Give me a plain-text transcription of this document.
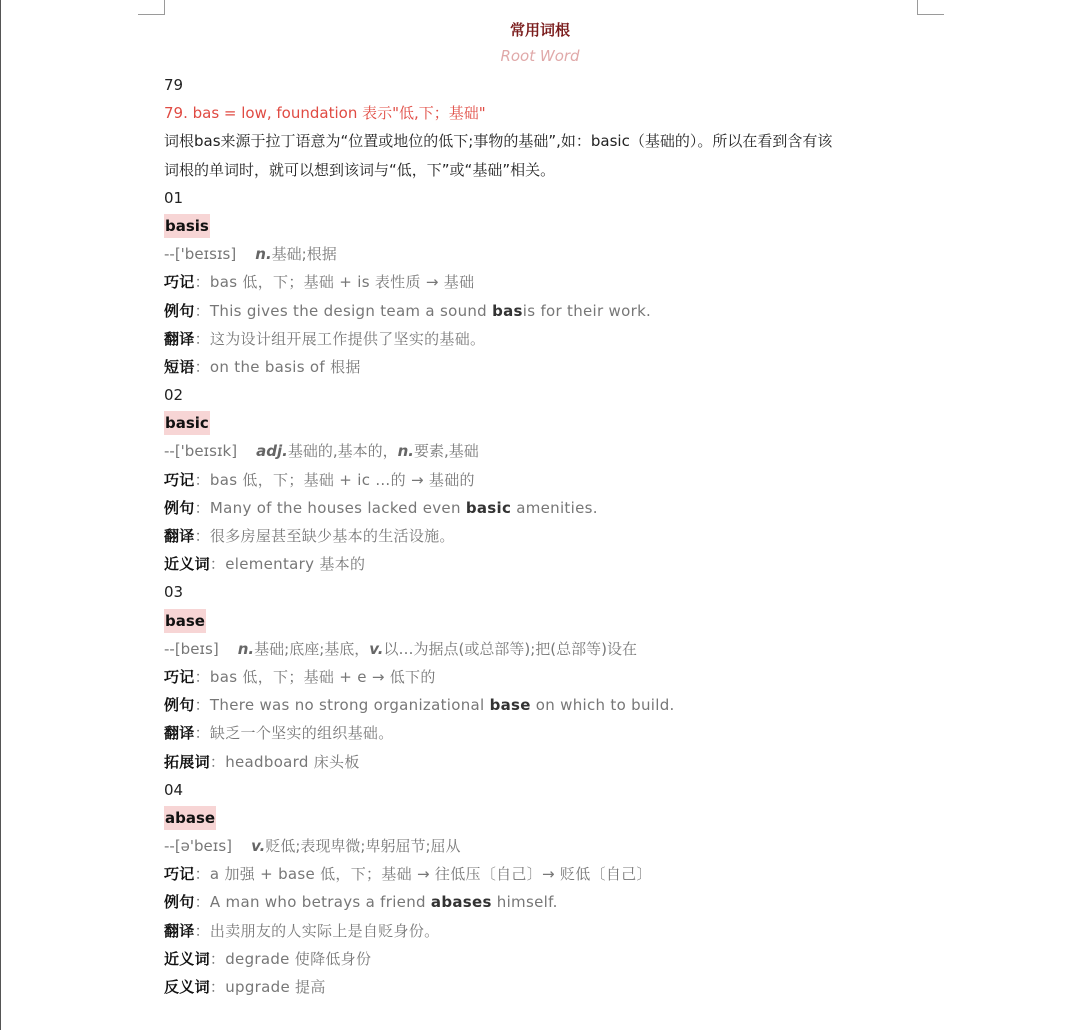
常用词根
Root Word
79
79. bas = low, foundation 表示"低,下；基础"
词根bas来源于拉丁语意为“位置或地位的低下;事物的基础”,如：basic（基础的）。所以在看到含有该
词根的单词时，就可以想到该词与“低，下”或“基础”相关。
01
basis
--['beɪsɪs] n.基础;根据
巧记：bas 低，下；基础 + is 表性质 → 基础
例句：This gives the design team a sound basis for their work.
翻译：这为设计组开展工作提供了坚实的基础。
短语：on the basis of 根据
02
basic
--['beɪsɪk] adj.基础的,基本的，n.要素,基础
巧记：bas 低，下；基础 + ic …的 → 基础的
例句：Many of the houses lacked even basic amenities.
翻译：很多房屋甚至缺少基本的生活设施。
近义词：elementary 基本的
03
base
--[beɪs] n.基础;底座;基底，v.以…为据点(或总部等);把(总部等)设在
巧记：bas 低，下；基础 + e → 低下的
例句：There was no strong organizational base on which to build.
翻译：缺乏一个坚实的组织基础。
拓展词：headboard 床头板
04
abase
--[ə'beɪs] v.贬低;表现卑微;卑躬屈节;屈从
巧记：a 加强 + base 低，下；基础 → 往低压〔自己〕→ 贬低〔自己〕
例句：A man who betrays a friend abases himself.
翻译：出卖朋友的人实际上是自贬身份。
近义词：degrade 使降低身份
反义词：upgrade 提高
